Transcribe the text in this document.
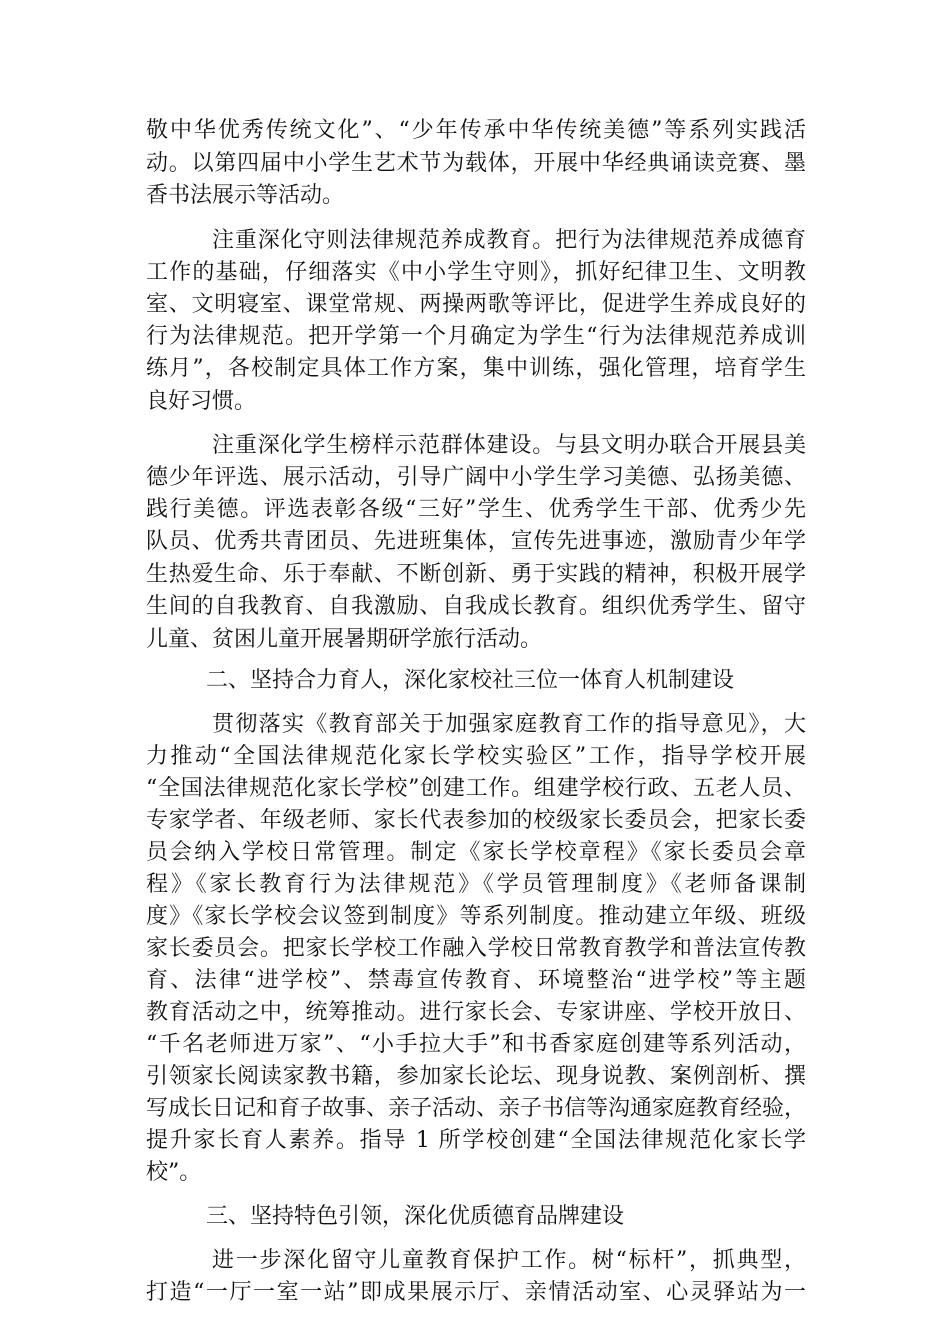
敬中华优秀传统文化”、“少年传承中华传统美德”等系列实践活
动。以第四届中小学生艺术节为载体，开展中华经典诵读竞赛、墨
香书法展示等活动。
注重深化守则法律规范养成教育。把行为法律规范养成德育
工作的基础，仔细落实《中小学生守则》，抓好纪律卫生、文明教
室、文明寝室、课堂常规、两操两歌等评比，促进学生养成良好的
行为法律规范。把开学第一个月确定为学生“行为法律规范养成训
练月”，各校制定具体工作方案，集中训练，强化管理，培育学生
良好习惯。
注重深化学生榜样示范群体建设。与县文明办联合开展县美
德少年评选、展示活动，引导广阔中小学生学习美德、弘扬美德、
践行美德。评选表彰各级“三好”学生、优秀学生干部、优秀少先
队员、优秀共青团员、先进班集体，宣传先进事迹，激励青少年学
生热爱生命、乐于奉献、不断创新、勇于实践的精神，积极开展学
生间的自我教育、自我激励、自我成长教育。组织优秀学生、留守
儿童、贫困儿童开展暑期研学旅行活动。
二、坚持合力育人，深化家校社三位一体育人机制建设
贯彻落实《教育部关于加强家庭教育工作的指导意见》，大
力推动“全国法律规范化家长学校实验区”工作，指导学校开展
“全国法律规范化家长学校”创建工作。组建学校行政、五老人员、
专家学者、年级老师、家长代表参加的校级家长委员会，把家长委
员会纳入学校日常管理。制定《家长学校章程》《家长委员会章
程》《家长教育行为法律规范》《学员管理制度》《老师备课制
度》《家长学校会议签到制度》等系列制度。推动建立年级、班级
家长委员会。把家长学校工作融入学校日常教育教学和普法宣传教
育、法律“进学校”、禁毒宣传教育、环境整治“进学校”等主题
教育活动之中，统筹推动。进行家长会、专家讲座、学校开放日、
“千名老师进万家”、“小手拉大手”和书香家庭创建等系列活动，
引领家长阅读家教书籍，参加家长论坛、现身说教、案例剖析、撰
写成长日记和育子故事、亲子活动、亲子书信等沟通家庭教育经验，
提升家长育人素养。指导 1 所学校创建“全国法律规范化家长学
校”。
三、坚持特色引领，深化优质德育品牌建设
进一步深化留守儿童教育保护工作。树“标杆”，抓典型，
打造“一厅一室一站”即成果展示厅、亲情活动室、心灵驿站为一
